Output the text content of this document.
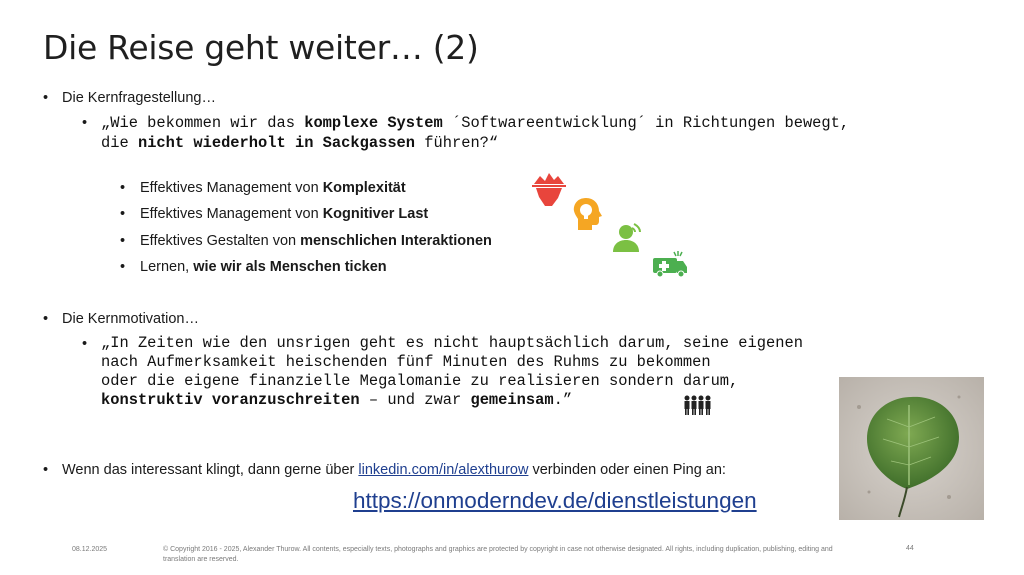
Die Reise geht weiter… (2)
• Die Kernfragestellung…
• „Wie bekommen wir das komplexe System ´Softwareentwicklung´ in Richtungen bewegt,
die nicht wiederholt in Sackgassen führen?“
• Effektives Management von Komplexität
• Effektives Management von Kognitiver Last
• Effektives Gestalten von menschlichen Interaktionen
• Lernen, wie wir als Menschen ticken
• Die Kernmotivation…
• „In Zeiten wie den unsrigen geht es nicht hauptsächlich darum, seine eigenen
nach Aufmerksamkeit heischenden fünf Minuten des Ruhms zu bekommen
oder die eigene finanzielle Megalomanie zu realisieren sondern darum,
konstruktiv voranzuschreiten – und zwar gemeinsam.”
• Wenn das interessant klingt, dann gerne über linkedin.com/in/alexthurow verbinden oder einen Ping an:
https://onmoderndev.de/dienstleistungen
08.12.2025	© Copyright 2016 - 2025, Alexander Thurow. All contents, especially texts, photographs and graphics are protected by copyright in case not otherwise designated. All rights, including duplication, publishing, editing and translation are reserved.
44
